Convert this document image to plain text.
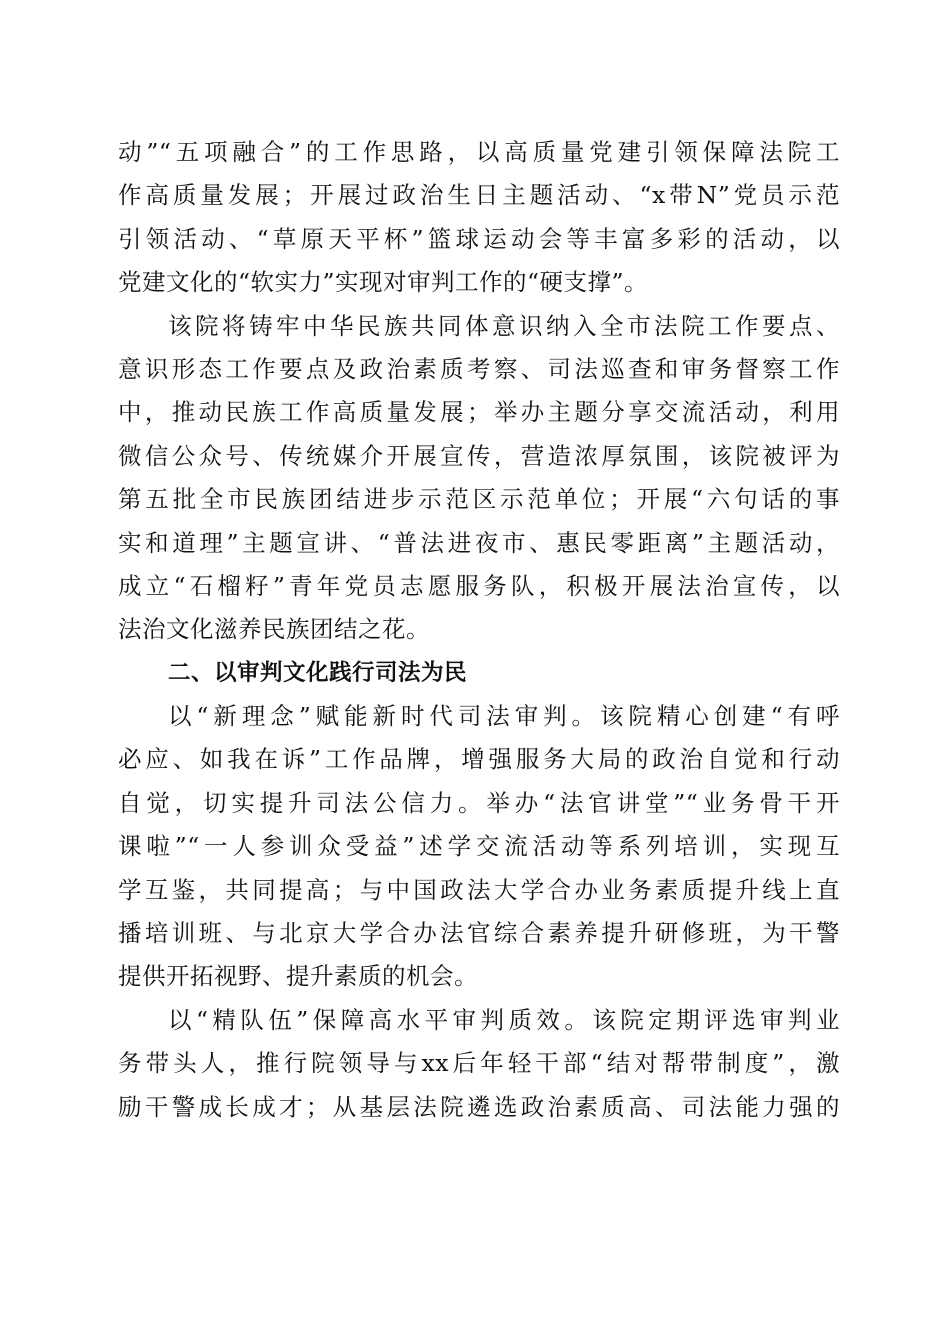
动”“五项融合”的工作思路，以高质量党建引领保障法院工
作高质量发展；开展过政治生日主题活动、“x带N”党员示范
引领活动、“草原天平杯”篮球运动会等丰富多彩的活动，以
党建文化的“软实力”实现对审判工作的“硬支撑”。
该院将铸牢中华民族共同体意识纳入全市法院工作要点、
意识形态工作要点及政治素质考察、司法巡查和审务督察工作
中，推动民族工作高质量发展；举办主题分享交流活动，利用
微信公众号、传统媒介开展宣传，营造浓厚氛围，该院被评为
第五批全市民族团结进步示范区示范单位；开展“六句话的事
实和道理”主题宣讲、“普法进夜市、惠民零距离”主题活动，
成立“石榴籽”青年党员志愿服务队，积极开展法治宣传，以
法治文化滋养民族团结之花。
二、以审判文化践行司法为民
以“新理念”赋能新时代司法审判。该院精心创建“有呼
必应、如我在诉”工作品牌，增强服务大局的政治自觉和行动
自觉，切实提升司法公信力。举办“法官讲堂”“业务骨干开
课啦”“一人参训众受益”述学交流活动等系列培训，实现互
学互鉴，共同提高；与中国政法大学合办业务素质提升线上直
播培训班、与北京大学合办法官综合素养提升研修班，为干警
提供开拓视野、提升素质的机会。
以“精队伍”保障高水平审判质效。该院定期评选审判业
务带头人，推行院领导与xx后年轻干部“结对帮带制度”，激
励干警成长成才；从基层法院遴选政治素质高、司法能力强的
